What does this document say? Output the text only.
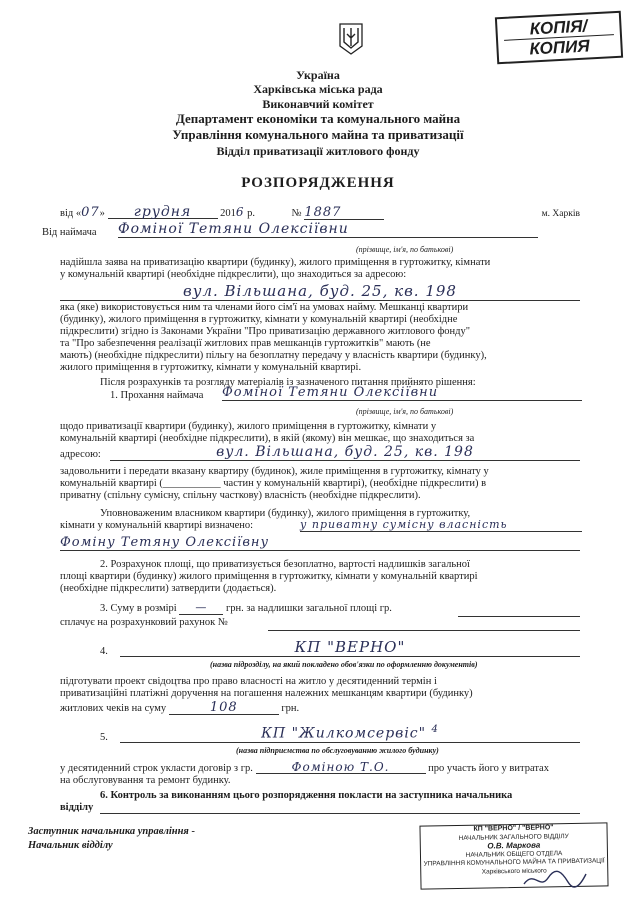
КОПІЯ/
КОПИЯ
Україна
Харківська міська рада
Виконавчий комітет
Департамент економіки та комунального майна
Управління комунального майна та приватизації
Відділ приватизації житлового фонду
РОЗПОРЯДЖЕННЯ
від «07» грудня	2016 р.	№ 1887	м. Харків
Від наймача Фоміної Тетяни Олексіївни
(прізвище, ім'я, по батькові)
надійшла заява на приватизацію квартири (будинку), жилого приміщення в гуртожитку, кімнати
у комунальній квартирі (необхідне підкреслити), що знаходиться за адресою:
вул. Вільшана, буд. 25, кв. 198
яка (яке) використовується ним та членами його сім'ї на умовах найму. Мешканці квартири
(будинку), жилого приміщення в гуртожитку, кімнати у комунальній квартирі (необхідне
підкреслити) згідно із Законами України "Про приватизацію державного житлового фонду"
та "Про забезпечення реалізації житлових прав мешканців гуртожитків" мають (не
мають) (необхідне підкреслити) пільгу на безоплатну передачу у власність квартири (будинку),
жилого приміщення в гуртожитку, кімнати у комунальній квартирі.
Після розрахунків та розгляду матеріалів із зазначеного питання прийнято рішення:
1. Прохання наймача Фоміної Тетяни Олексіївни
(прізвище, ім'я, по батькові)
щодо приватизації квартири (будинку), жилого приміщення в гуртожитку, кімнати у
комунальній квартирі (необхідне підкреслити), в якій (якому) він мешкає, що знаходиться за
адресою:	вул. Вільшана, буд. 25, кв. 198
задовольнити і передати вказану квартиру (будинок), жиле приміщення в гуртожитку, кімнату у
комунальній квартирі (___________ частин у комунальній квартирі), (необхідне підкреслити) в
приватну (спільну сумісну, спільну часткову) власність (необхідне підкреслити).
Уповноваженим власником квартири (будинку), жилого приміщення в гуртожитку,
кімнати у комунальній квартирі визначено:	у приватну сумісну власність
Фоміну Тетяну Олексіївну
2. Розрахунок площі, що приватизується безоплатно, вартості надлишків загальної
площі квартири (будинку) жилого приміщення в гуртожитку, кімнати у комунальній квартирі
(необхідне підкреслити) затвердити (додається).
3. Суму в розмірі — грн. за надлишки загальної площі гр.
сплачує на розрахунковий рахунок №
4.	КП "ВЕРНО"
(назва підрозділу, на який покладено обов'язки по оформленню документів)
підготувати проект свідоцтва про право власності на житло у десятиденний термін і
приватизаційні платіжні доручення на погашення належних мешканцям квартири (будинку)
житлових чеків на суму	108	грн.
5.	КП "Жилкомсервіс" $^4$
(назва підприємства по обслуговуванню жилого будинку)
у десятиденний строк укласти договір з гр.	Фоміною Т.О.	про участь його у витратах
на обслуговування та ремонт будинку.
6. Контроль за виконанням цього розпорядження покласти на заступника начальника
відділу
Заступник начальника управління -
Начальник відділу
КП "ВЕРНО" / "ВЕРНО"
НАЧАЛЬНИК ЗАГАЛЬНОГО ВІДДІЛУ
О.В. Маркова
НАЧАЛЬНИК ОБЩЕГО ОТДЕЛА
УПРАВЛІННЯ КОМУНАЛЬНОГО МАЙНА ТА ПРИВАТИЗАЦІЇ
Харківського міського
